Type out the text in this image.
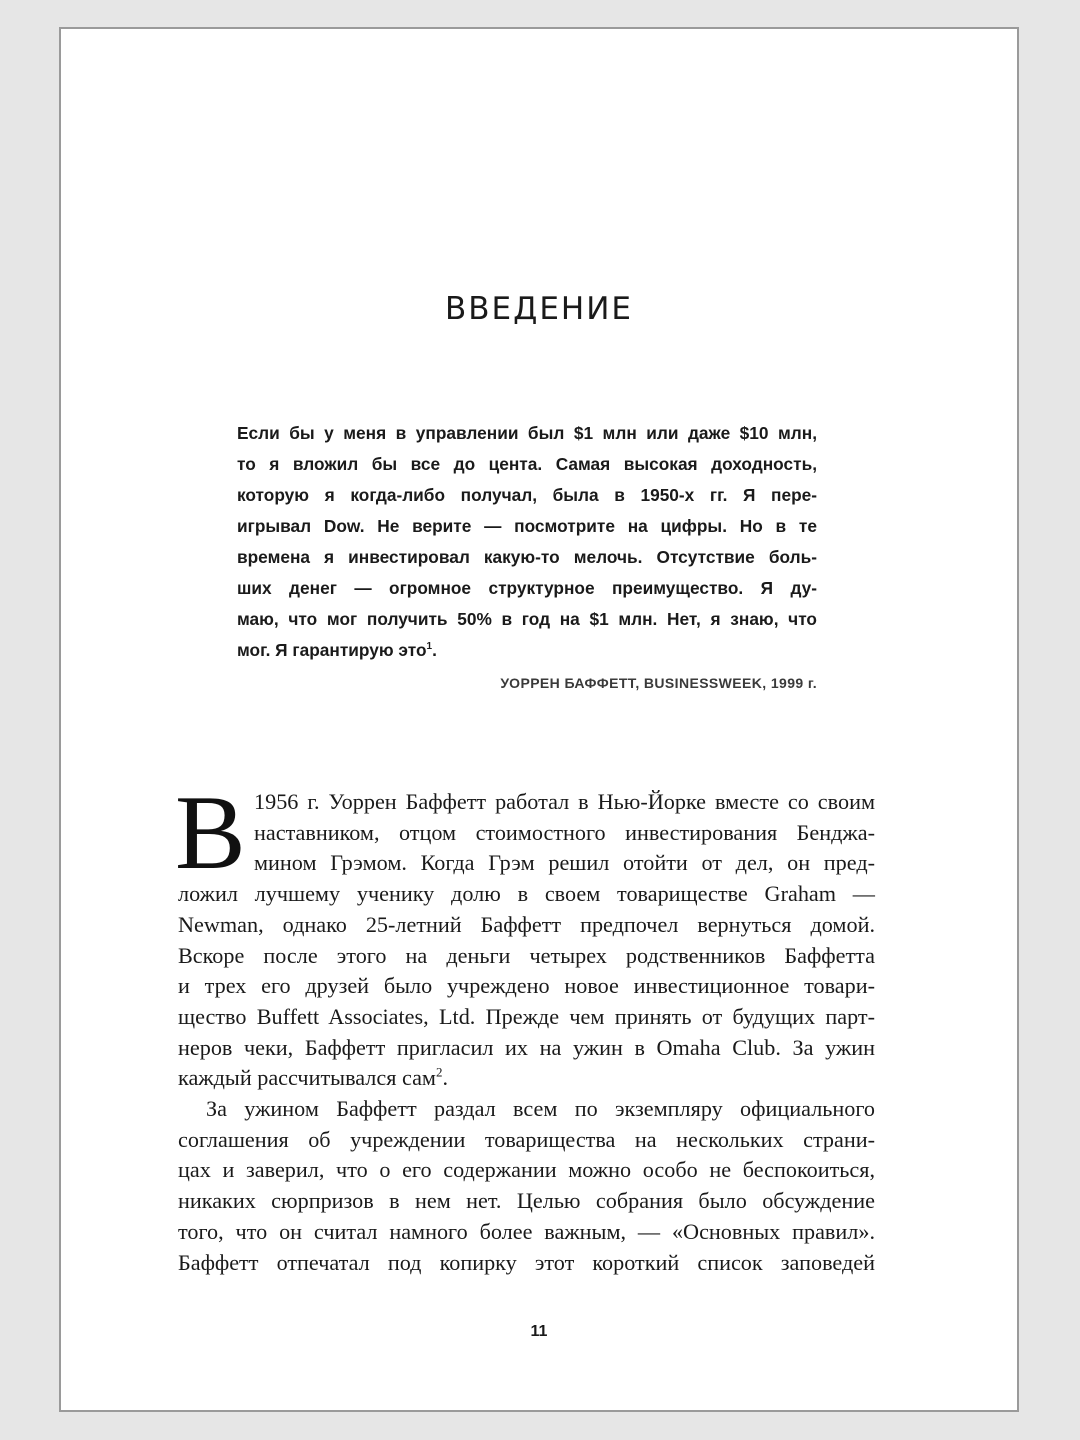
ВВЕДЕНИЕ
Если бы у меня в управлении был $1 млн или даже $10 млн,
то я вложил бы все до цента. Самая высокая доходность,
которую я когда-либо получал, была в 1950-х гг. Я пере-
игрывал Dow. Не верите — посмотрите на цифры. Но в те
времена я инвестировал какую-то мелочь. Отсутствие боль-
ших денег — огромное структурное преимущество. Я ду-
маю, что мог получить 50% в год на $1 млн. Нет, я знаю, что
мог. Я гарантирую это$^1$.
УОРРЕН БАФФЕТТ, BUSINESSWEEK, 1999 г.
В 1956 г. Уоррен Баффетт работал в Нью-Йорке вместе со своим
наставником, отцом стоимостного инвестирования Бенджа-
мином Грэмом. Когда Грэм решил отойти от дел, он пред-
ложил лучшему ученику долю в своем товариществе Graham —
Newman, однако 25-летний Баффетт предпочел вернуться домой.
Вскоре после этого на деньги четырех родственников Баффетта
и трех его друзей было учреждено новое инвестиционное товари-
щество Buffett Associates, Ltd. Прежде чем принять от будущих парт-
неров чеки, Баффетт пригласил их на ужин в Omaha Club. За ужин
каждый рассчитывался сам$^2$.
За ужином Баффетт раздал всем по экземпляру официального
соглашения об учреждении товарищества на нескольких страни-
цах и заверил, что о его содержании можно особо не беспокоиться,
никаких сюрпризов в нем нет. Целью собрания было обсуждение
того, что он считал намного более важным, — «Основных правил».
Баффетт отпечатал под копирку этот короткий список заповедей
11
